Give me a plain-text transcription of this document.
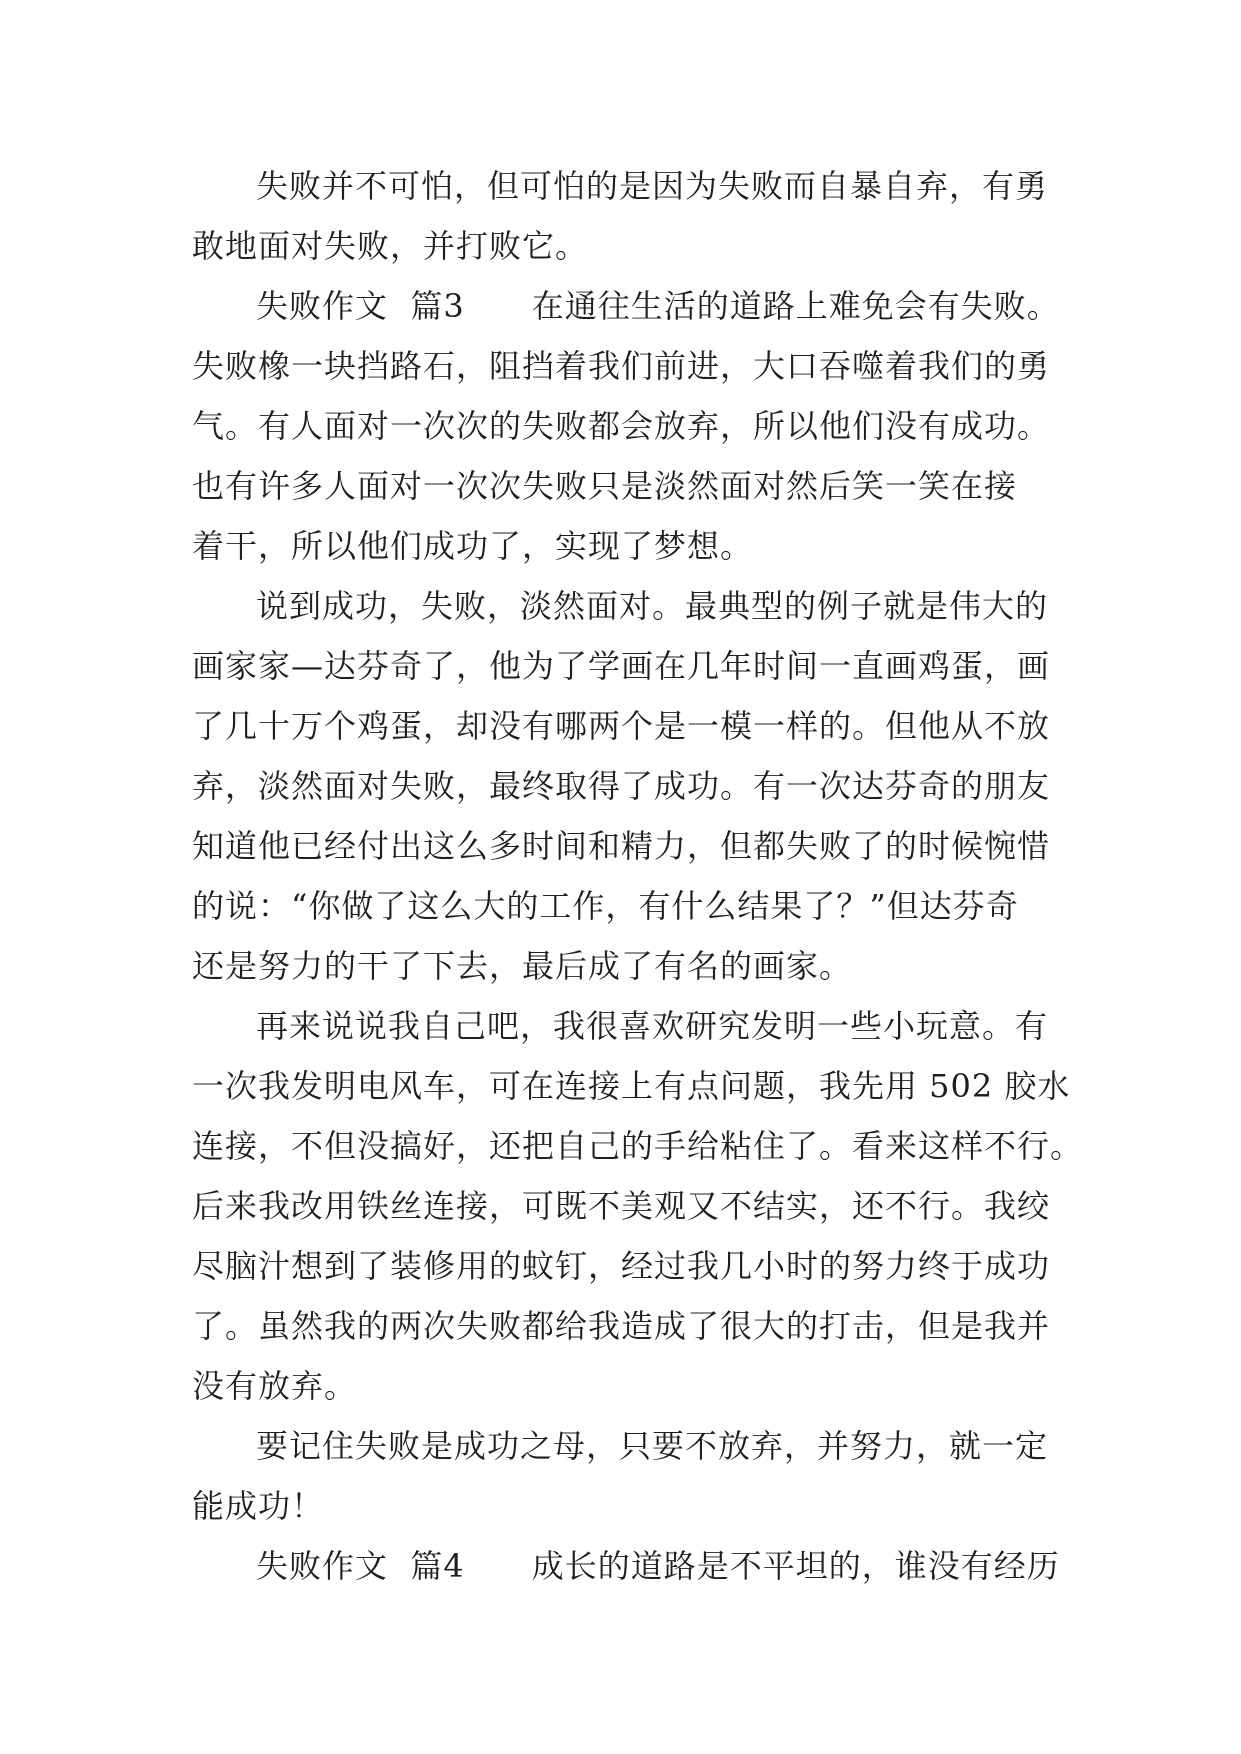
失败并不可怕，但可怕的是因为失败而自暴自弃，有勇
敢地面对失败，并打败它。
失败作文  篇3      在通往生活的道路上难免会有失败。
失败橡一块挡路石，阻挡着我们前进，大口吞噬着我们的勇
气。有人面对一次次的失败都会放弃，所以他们没有成功。
也有许多人面对一次次失败只是淡然面对然后笑一笑在接
着干，所以他们成功了，实现了梦想。
说到成功，失败，淡然面对。最典型的例子就是伟大的
画家家—达芬奇了，他为了学画在几年时间一直画鸡蛋，画
了几十万个鸡蛋，却没有哪两个是一模一样的。但他从不放
弃，淡然面对失败，最终取得了成功。有一次达芬奇的朋友
知道他已经付出这么多时间和精力，但都失败了的时候惋惜
的说：“你做了这么大的工作，有什么结果了？”但达芬奇
还是努力的干了下去，最后成了有名的画家。
再来说说我自己吧，我很喜欢研究发明一些小玩意。有
一次我发明电风车，可在连接上有点问题，我先用 502 胶水
连接，不但没搞好，还把自己的手给粘住了。看来这样不行。
后来我改用铁丝连接，可既不美观又不结实，还不行。我绞
尽脑汁想到了装修用的蚊钉，经过我几小时的努力终于成功
了。虽然我的两次失败都给我造成了很大的打击，但是我并
没有放弃。
要记住失败是成功之母，只要不放弃，并努力，就一定
能成功！
失败作文  篇4      成长的道路是不平坦的，谁没有经历
